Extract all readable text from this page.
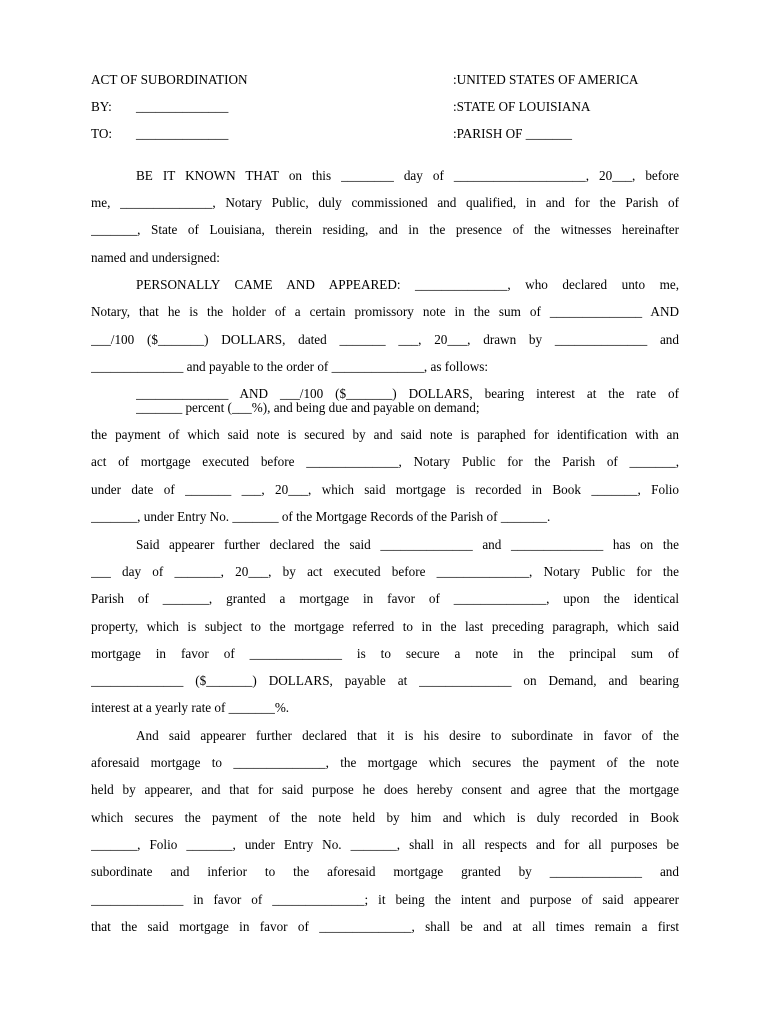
ACT OF SUBORDINATION	:UNITED STATES OF AMERICA
BY: ______________	:STATE OF LOUISIANA
TO: ______________	:PARISH OF _______
BE IT KNOWN THAT on this ________ day of ____________________, 20___, before
me, ______________, Notary Public, duly commissioned and qualified, in and for the Parish of
_______, State of Louisiana, therein residing, and in the presence of the witnesses hereinafter
named and undersigned:
PERSONALLY CAME AND APPEARED: ______________, who declared unto me,
Notary, that he is the holder of a certain promissory note in the sum of ______________ AND
___/100 ($_______) DOLLARS, dated _______ ___, 20___, drawn by ______________ and
______________ and payable to the order of ______________, as follows:
______________ AND ___/100 ($_______) DOLLARS, bearing interest at the rate of
_______ percent (___%), and being due and payable on demand;
the payment of which said note is secured by and said note is paraphed for identification with an
act of mortgage executed before ______________, Notary Public for the Parish of _______,
under date of _______ ___, 20___, which said mortgage is recorded in Book _______, Folio
_______, under Entry No. _______ of the Mortgage Records of the Parish of _______.
Said appearer further declared the said ______________ and ______________ has on the
___ day of _______, 20___, by act executed before ______________, Notary Public for the
Parish of _______, granted a mortgage in favor of ______________, upon the identical
property, which is subject to the mortgage referred to in the last preceding paragraph, which said
mortgage in favor of ______________ is to secure a note in the principal sum of
______________ ($_______) DOLLARS, payable at ______________ on Demand, and bearing
interest at a yearly rate of _______%.
And said appearer further declared that it is his desire to subordinate in favor of the
aforesaid mortgage to ______________, the mortgage which secures the payment of the note
held by appearer, and that for said purpose he does hereby consent and agree that the mortgage
which secures the payment of the note held by him and which is duly recorded in Book
_______, Folio _______, under Entry No. _______, shall in all respects and for all purposes be
subordinate and inferior to the aforesaid mortgage granted by ______________ and
______________ in favor of ______________; it being the intent and purpose of said appearer
that the said mortgage in favor of ______________, shall be and at all times remain a first
